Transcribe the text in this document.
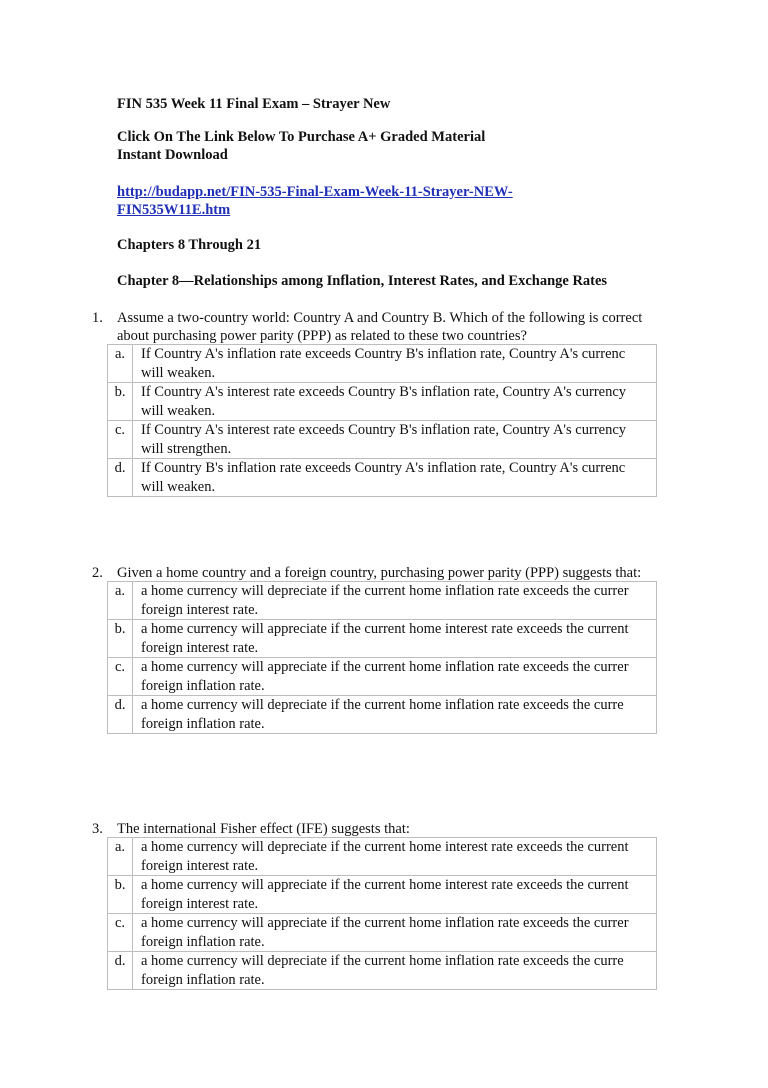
FIN 535 Week 11 Final Exam – Strayer New
Click On The Link Below To Purchase A+ Graded Material
Instant Download
http://budapp.net/FIN-535-Final-Exam-Week-11-Strayer-NEW-
FIN535W11E.htm
Chapters 8 Through 21
Chapter 8—Relationships among Inflation, Interest Rates, and Exchange Rates
1. Assume a two-country world: Country A and Country B. Which of the following is correct
about purchasing power parity (PPP) as related to these two countries?
a.	If Country A's inflation rate exceeds Country B's inflation rate, Country A's currenc
will weaken.

b.	If Country A's interest rate exceeds Country B's inflation rate, Country A's currency
will weaken.

c.	If Country A's interest rate exceeds Country B's inflation rate, Country A's currency
will strengthen.

d.	If Country B's inflation rate exceeds Country A's inflation rate, Country A's currenc
will weaken.
2. Given a home country and a foreign country, purchasing power parity (PPP) suggests that:
a.	a home currency will depreciate if the current home inflation rate exceeds the currer
foreign interest rate.

b.	a home currency will appreciate if the current home interest rate exceeds the current
foreign interest rate.

c.	a home currency will appreciate if the current home inflation rate exceeds the currer
foreign inflation rate.

d.	a home currency will depreciate if the current home inflation rate exceeds the curre
foreign inflation rate.
3. The international Fisher effect (IFE) suggests that:
a.	a home currency will depreciate if the current home interest rate exceeds the current
foreign interest rate.

b.	a home currency will appreciate if the current home interest rate exceeds the current
foreign interest rate.

c.	a home currency will appreciate if the current home inflation rate exceeds the currer
foreign inflation rate.

d.	a home currency will depreciate if the current home inflation rate exceeds the curre
foreign inflation rate.
